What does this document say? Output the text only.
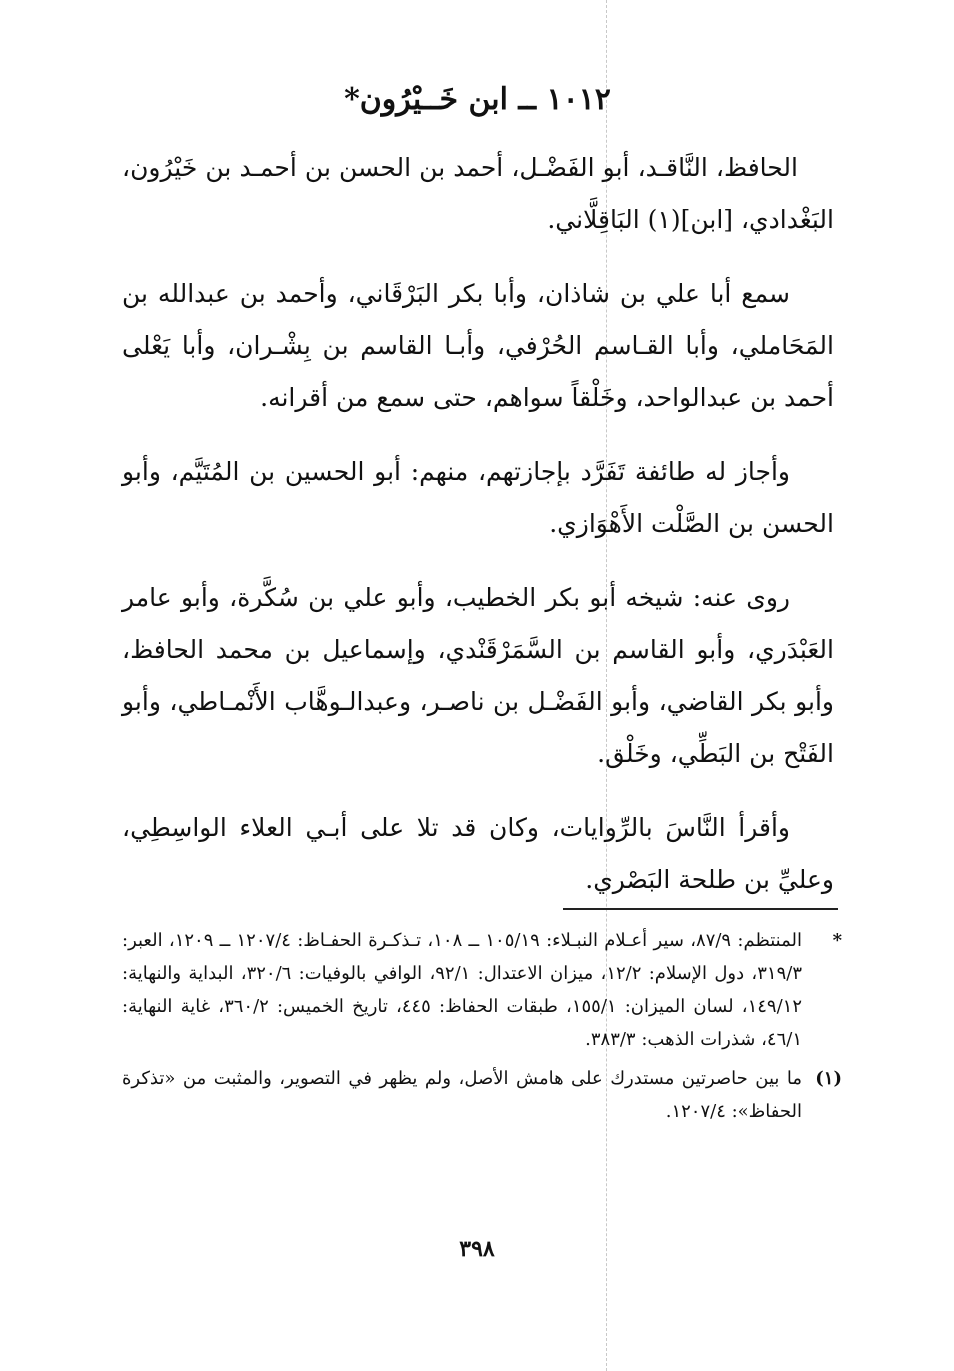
١٠١٢ ــ ابن خَــيْرُون*

الحافظ، النَّاقـد، أبو الفَضْـل، أحمد بن الحسن بن أحمـد بن خَيْرُون، البَغْدادي، [ابن](١) البَاقِلَّاني.

سمع أبا علي بن شاذان، وأبا بكر البَرْقَاني، وأحمد بن عبدالله بن المَحَاملي، وأبا القـاسم الحُرْفي، وأبـا القاسم بن بِشْـران، وأبا يَعْلى أحمد بن عبدالواحد، وخَلْقاً سواهم، حتى سمع من أقرانه.

وأجاز له طائفة تَفَرَّد بإجازتهم، منهم: أبو الحسين بن المُتَيَّم، وأبو الحسن بن الصَّلْت الأَهْوَازي.

روى عنه: شيخه أبو بكر الخطيب، وأبو علي بن سُكَّرة، وأبو عامر العَبْدَري، وأبو القاسم بن السَّمَرْقَنْدي، وإسماعيل بن محمد الحافظ، وأبو بكر القاضي، وأبو الفَضْـل بن ناصـر، وعبدالـوهَّاب الأَنْمـاطي، وأبو الفَتْح بن البَطِّي، وخَلْق.

وأقرأ النَّاسَ بالرِّوايات، وكان قد تلا على أبـي العلاء الواسِطِي، وعليِّ بن طلحة البَصْري.

*
المنتظم: ٨٧/٩، سير أعـلام النبـلاء: ١٠٥/١٩ ــ ١٠٨، تـذكـرة الحفـاظ: ١٢٠٧/٤ ــ ١٢٠٩، العبر: ٣١٩/٣، دول الإسلام: ١٢/٢، ميزان الاعتدال: ٩٢/١، الوافي بالوفيات: ٣٢٠/٦، البداية والنهاية: ١٤٩/١٢، لسان الميزان: ١٥٥/١، طبقات الحفاظ: ٤٤٥، تاريخ الخميس: ٣٦٠/٢، غاية النهاية: ٤٦/١، شذرات الذهب: ٣٨٣/٣.
(١)
ما بين حاصرتين مستدرك على هامش الأصل، ولم يظهر في التصوير، والمثبت من «تذكرة الحفاظ»: ١٢٠٧/٤.
٣٩٨
